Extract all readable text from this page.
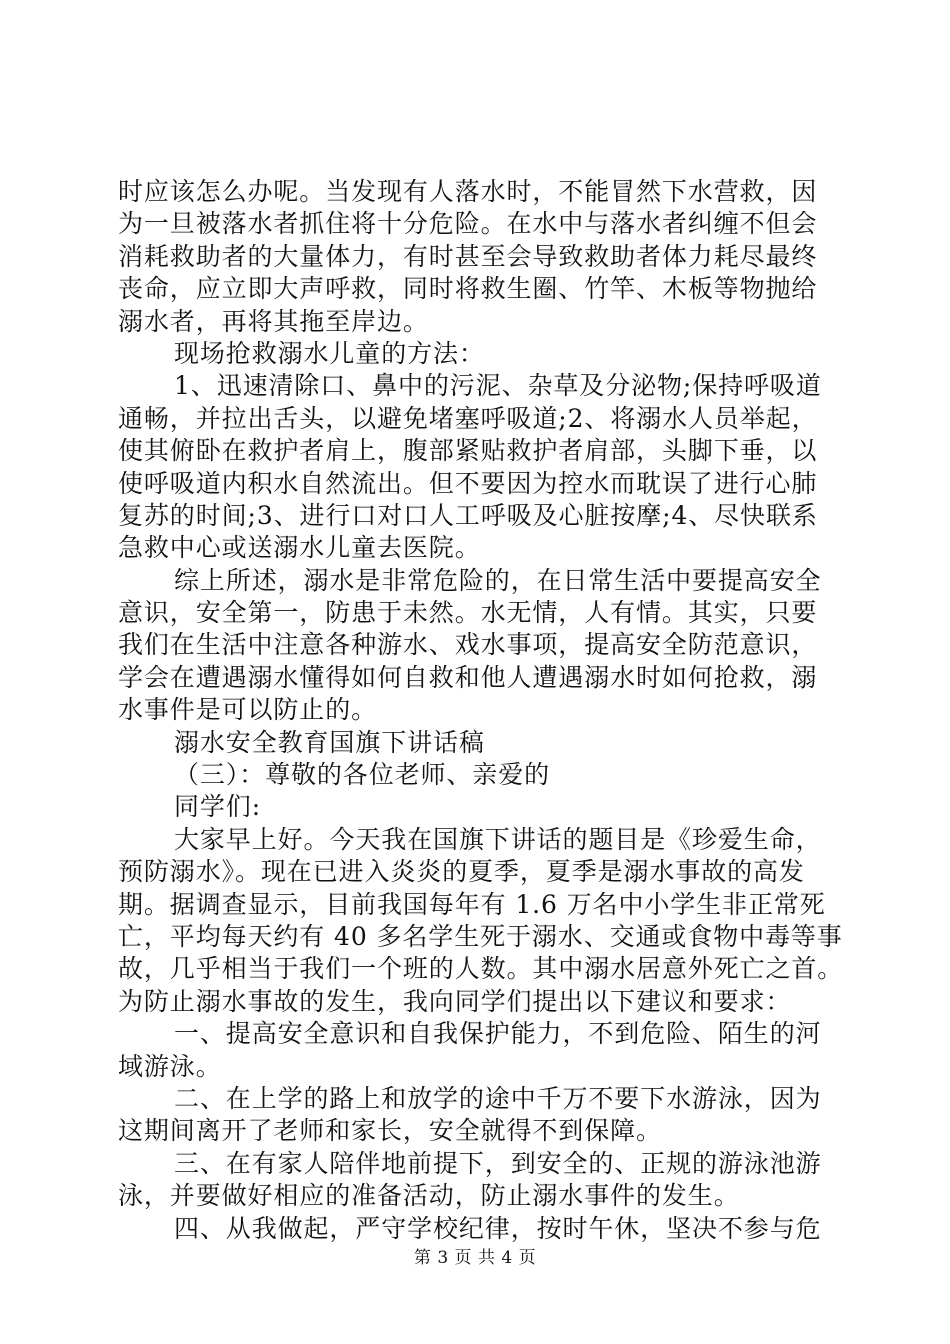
时应该怎么办呢。当发现有人落水时，不能冒然下水营救，因
为一旦被落水者抓住将十分危险。在水中与落水者纠缠不但会
消耗救助者的大量体力，有时甚至会导致救助者体力耗尽最终
丧命，应立即大声呼救，同时将救生圈、竹竿、木板等物抛给
溺水者，再将其拖至岸边。
现场抢救溺水儿童的方法：
1、迅速清除口、鼻中的污泥、杂草及分泌物;保持呼吸道
通畅，并拉出舌头，以避免堵塞呼吸道;2、将溺水人员举起，
使其俯卧在救护者肩上，腹部紧贴救护者肩部，头脚下垂，以
使呼吸道内积水自然流出。但不要因为控水而耽误了进行心肺
复苏的时间;3、进行口对口人工呼吸及心脏按摩;4、尽快联系
急救中心或送溺水儿童去医院。
综上所述，溺水是非常危险的，在日常生活中要提高安全
意识，安全第一，防患于未然。水无情，人有情。其实，只要
我们在生活中注意各种游水、戏水事项，提高安全防范意识，
学会在遭遇溺水懂得如何自救和他人遭遇溺水时如何抢救，溺
水事件是可以防止的。
溺水安全教育国旗下讲话稿
（三）：尊敬的各位老师、亲爱的
同学们:
大家早上好。今天我在国旗下讲话的题目是《珍爱生命，
预防溺水》。现在已进入炎炎的夏季，夏季是溺水事故的高发
期。据调查显示，目前我国每年有 1.6 万名中小学生非正常死
亡，平均每天约有 40 多名学生死于溺水、交通或食物中毒等事
故，几乎相当于我们一个班的人数。其中溺水居意外死亡之首。
为防止溺水事故的发生，我向同学们提出以下建议和要求：
一、提高安全意识和自我保护能力，不到危险、陌生的河
域游泳。
二、在上学的路上和放学的途中千万不要下水游泳，因为
这期间离开了老师和家长，安全就得不到保障。
三、在有家人陪伴地前提下，到安全的、正规的游泳池游
泳，并要做好相应的准备活动，防止溺水事件的发生。
四、从我做起，严守学校纪律，按时午休，坚决不参与危
第 3 页 共 4 页
